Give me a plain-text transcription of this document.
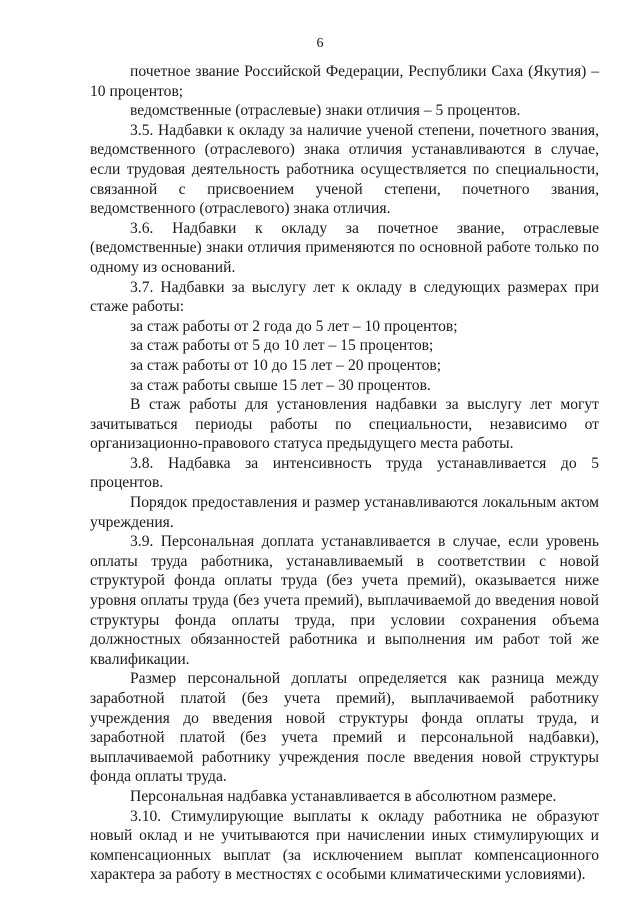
6

почетное звание Российской Федерации, Республики Саха (Якутия) – 10 процентов;

ведомственные (отраслевые) знаки отличия – 5 процентов.

3.5. Надбавки к окладу за наличие ученой степени, почетного звания, ведомственного (отраслевого) знака отличия устанавливаются в случае, если трудовая деятельность работника осуществляется по специальности, связанной с присвоением ученой степени, почетного звания, ведомственного (отраслевого) знака отличия.

3.6. Надбавки к окладу за почетное звание, отраслевые (ведомственные) знаки отличия применяются по основной работе только по одному из оснований.

3.7. Надбавки за выслугу лет к окладу в следующих размерах при стаже работы:

за стаж работы от 2 года до 5 лет – 10 процентов;

за стаж работы от 5 до 10 лет – 15 процентов;

за стаж работы от 10 до 15 лет – 20 процентов;

за стаж работы свыше 15 лет – 30 процентов.

В стаж работы для установления надбавки за выслугу лет могут зачитываться периоды работы по специальности, независимо от организационно-правового статуса предыдущего места работы.

3.8. Надбавка за интенсивность труда устанавливается до 5 процентов.

Порядок предоставления и размер устанавливаются локальным актом учреждения.

3.9. Персональная доплата устанавливается в случае, если уровень оплаты труда работника, устанавливаемый в соответствии с новой структурой фонда оплаты труда (без учета премий), оказывается ниже уровня оплаты труда (без учета премий), выплачиваемой до введения новой структуры фонда оплаты труда, при условии сохранения объема должностных обязанностей работника и выполнения им работ той же квалификации.

Размер персональной доплаты определяется как разница между заработной платой (без учета премий), выплачиваемой работнику учреждения до введения новой структуры фонда оплаты труда, и заработной платой (без учета премий и персональной надбавки), выплачиваемой работнику учреждения после введения новой структуры фонда оплаты труда.

Персональная надбавка устанавливается в абсолютном размере.

3.10. Стимулирующие выплаты к окладу работника не образуют новый оклад и не учитываются при начислении иных стимулирующих и компенсационных выплат (за исключением выплат компенсационного характера за работу в местностях с особыми климатическими условиями).
